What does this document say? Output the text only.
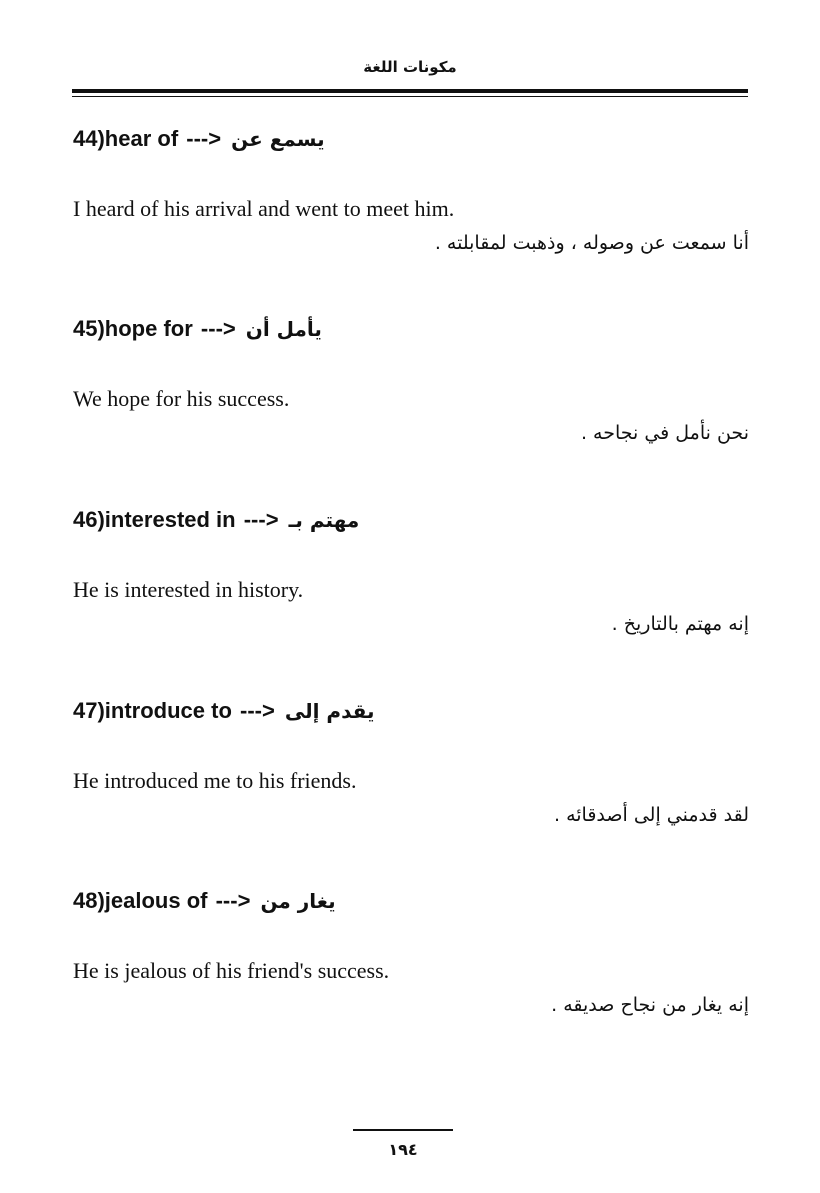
مكونات اللغة
44) hear of
---> يسمع عن
I heard of his arrival and went to meet him.
أنا سمعت عن وصوله ، وذهبت لمقابلته .
45) hope for
---> يأمل أن
We hope for his success.
نحن نأمل في نجاحه .
46) interested in
---> مهتم بـ
He is interested in history.
إنه مهتم بالتاريخ .
47) introduce to
---> يقدم إلى
He introduced me to his friends.
لقد قدمني إلى أصدقائه .
48) jealous of
---> يغار من
He is jealous of his friend's success.
إنه يغار من نجاح صديقه .
١٩٤
